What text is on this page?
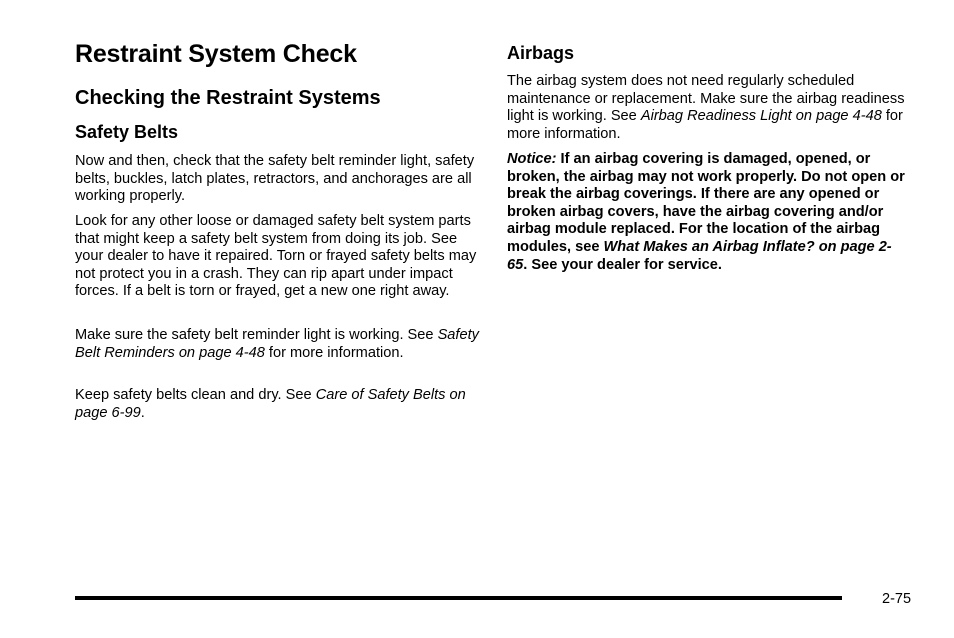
Restraint System Check
Checking the Restraint Systems
Safety Belts

Now and then, check that the safety belt reminder light, safety belts, buckles, latch plates, retractors, and anchorages are all working properly.

Look for any other loose or damaged safety belt system parts that might keep a safety belt system from doing its job. See your dealer to have it repaired. Torn or frayed safety belts may not protect you in a crash. They can rip apart under impact forces. If a belt is torn or frayed, get a new one right away.

Make sure the safety belt reminder light is working. See Safety Belt Reminders on page 4-48 for more information.

Keep safety belts clean and dry. See Care of Safety Belts on page 6-99.

Airbags

The airbag system does not need regularly scheduled maintenance or replacement. Make sure the airbag readiness light is working. See Airbag Readiness Light on page 4-48 for more information.

Notice: If an airbag covering is damaged, opened, or broken, the airbag may not work properly. Do not open or break the airbag coverings. If there are any opened or broken airbag covers, have the airbag covering and/or airbag module replaced. For the location of the airbag modules, see What Makes an Airbag Inflate? on page 2-65. See your dealer for service.

2-75
